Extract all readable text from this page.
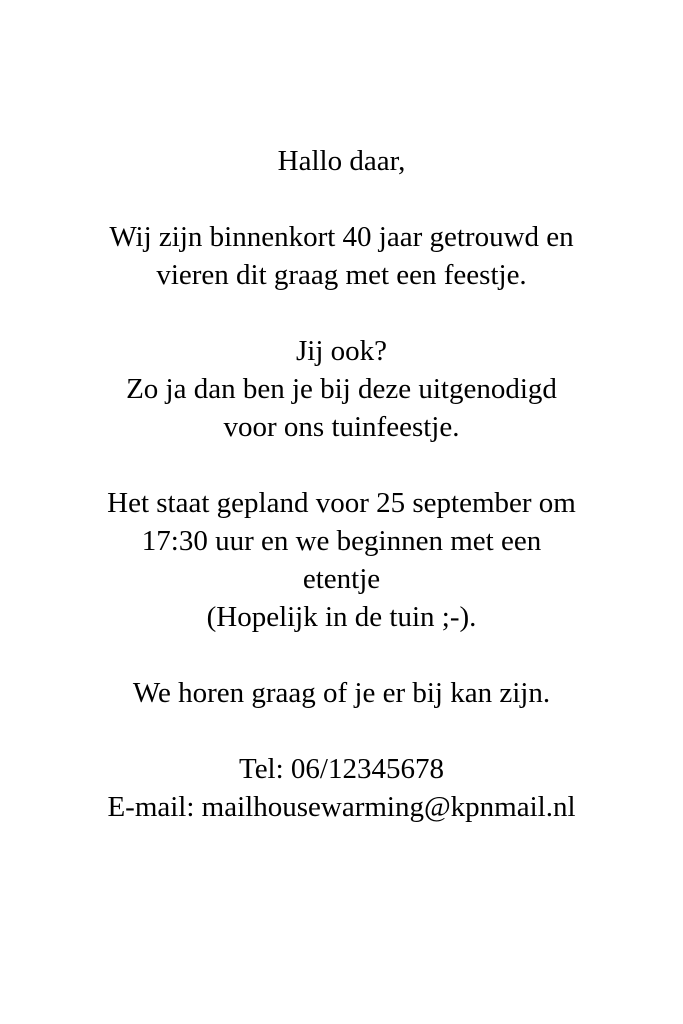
Hallo daar,
Wij zijn binnenkort 40 jaar getrouwd en
vieren dit graag met een feestje.
Jij ook?
Zo ja dan ben je bij deze uitgenodigd
voor ons tuinfeestje.
Het staat gepland voor 25 september om
17:30 uur en we beginnen met een
etentje
(Hopelijk in de tuin ;-).
We horen graag of je er bij kan zijn.
Tel: 06/12345678
E-mail: mailhousewarming@kpnmail.nl
